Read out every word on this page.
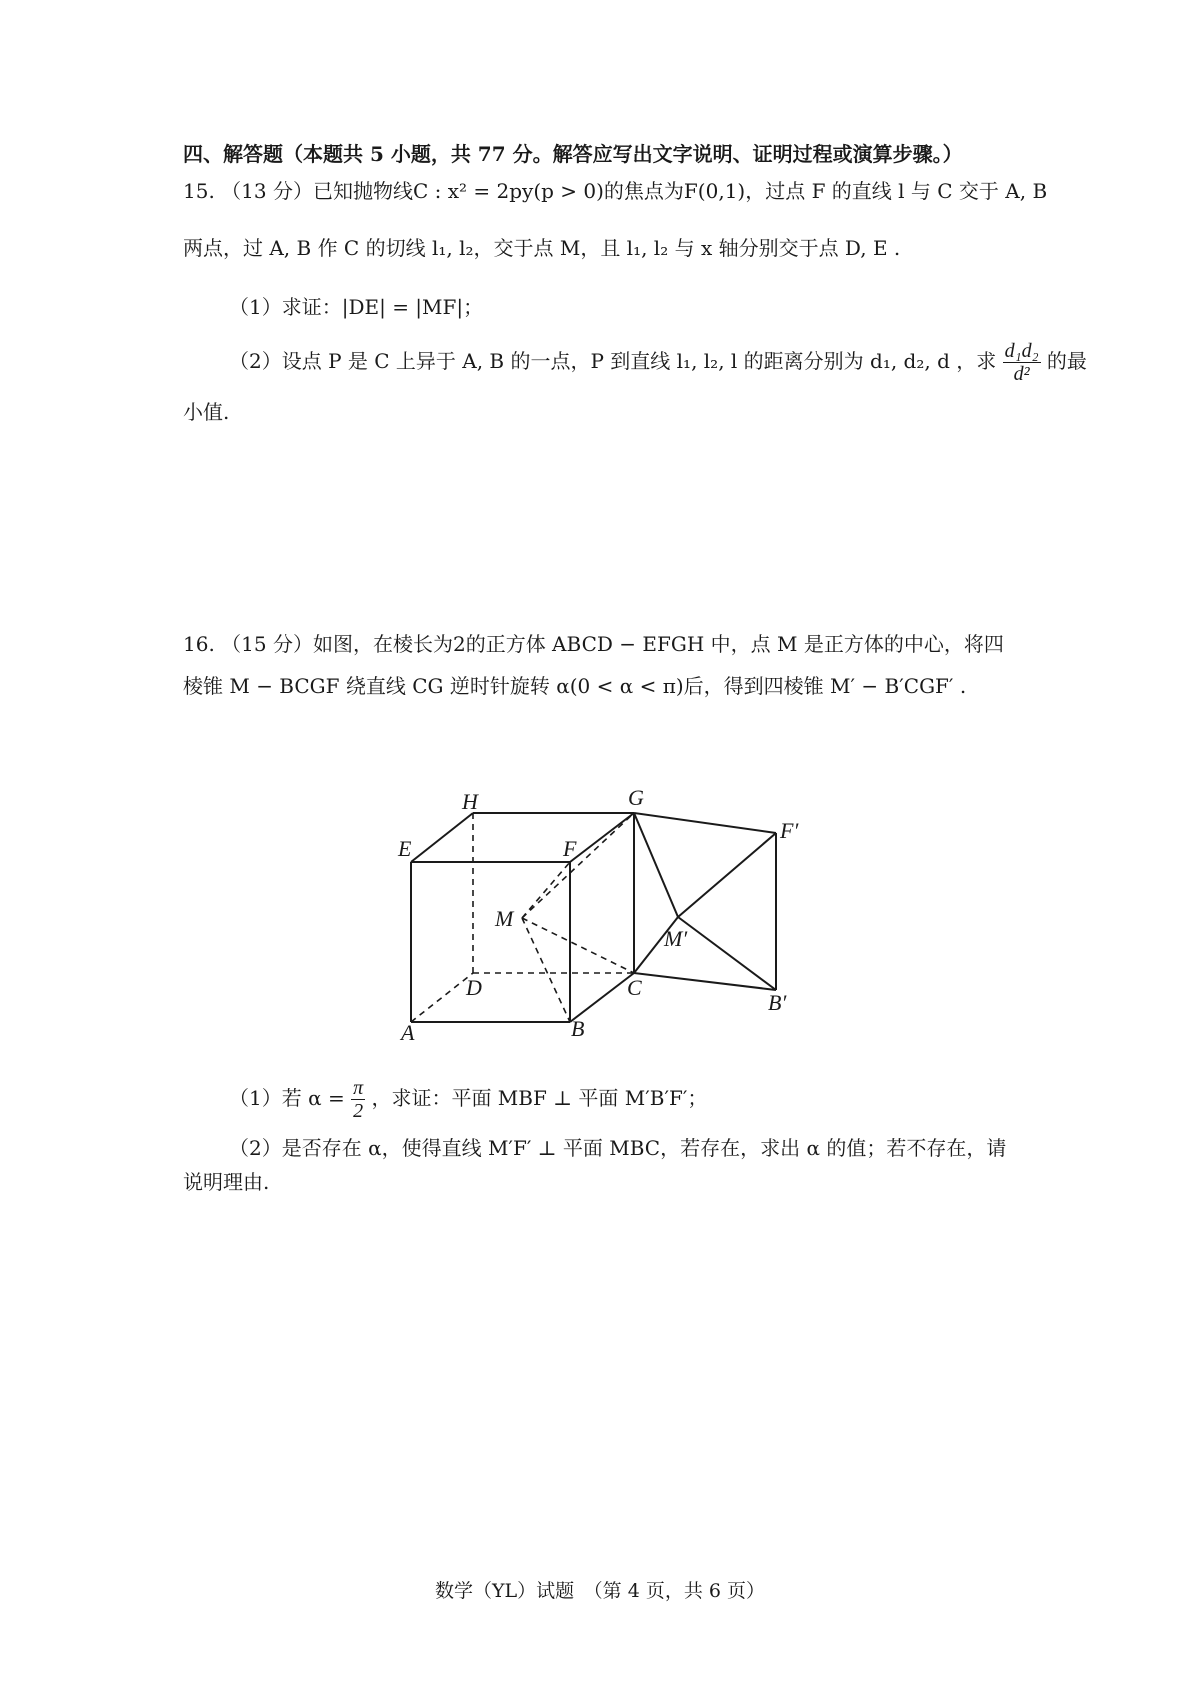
四、解答题（本题共 5 小题，共 77 分。解答应写出文字说明、证明过程或演算步骤。）
15. （13 分）已知抛物线C : x² = 2py(p > 0)的焦点为F(0,1)，过点 F 的直线 l 与 C 交于 A, B
两点，过 A, B 作 C 的切线 l₁, l₂，交于点 M，且 l₁, l₂ 与 x 轴分别交于点 D, E .
（1）求证：|DE| = |MF|；
（2）设点 P 是 C 上异于 A, B 的一点，P 到直线 l₁, l₂, l 的距离分别为 d₁, d₂, d ，求 $\frac{\text{d₁d₂}}{\text{d²}}$ 的最
小值.
16. （15 分）如图，在棱长为2的正方体 ABCD − EFGH 中，点 M 是正方体的中心，将四
棱锥 M − BCGF 绕直线 CG 逆时针旋转 α(0 < α < π)后，得到四棱锥 M′ − B′CGF′ .
H	G
E	F
F′
M
M′
D	C
B′
A	B
（1）若 $\alpha = \frac{\pi}{2}$ ，求证：平面 MBF ⊥ 平面 M′B′F′；
（2）是否存在 α，使得直线 M′F′ ⊥ 平面 MBC，若存在，求出 α 的值；若不存在，请
说明理由.
数学（YL）试题　（第 4 页，共 6 页）
